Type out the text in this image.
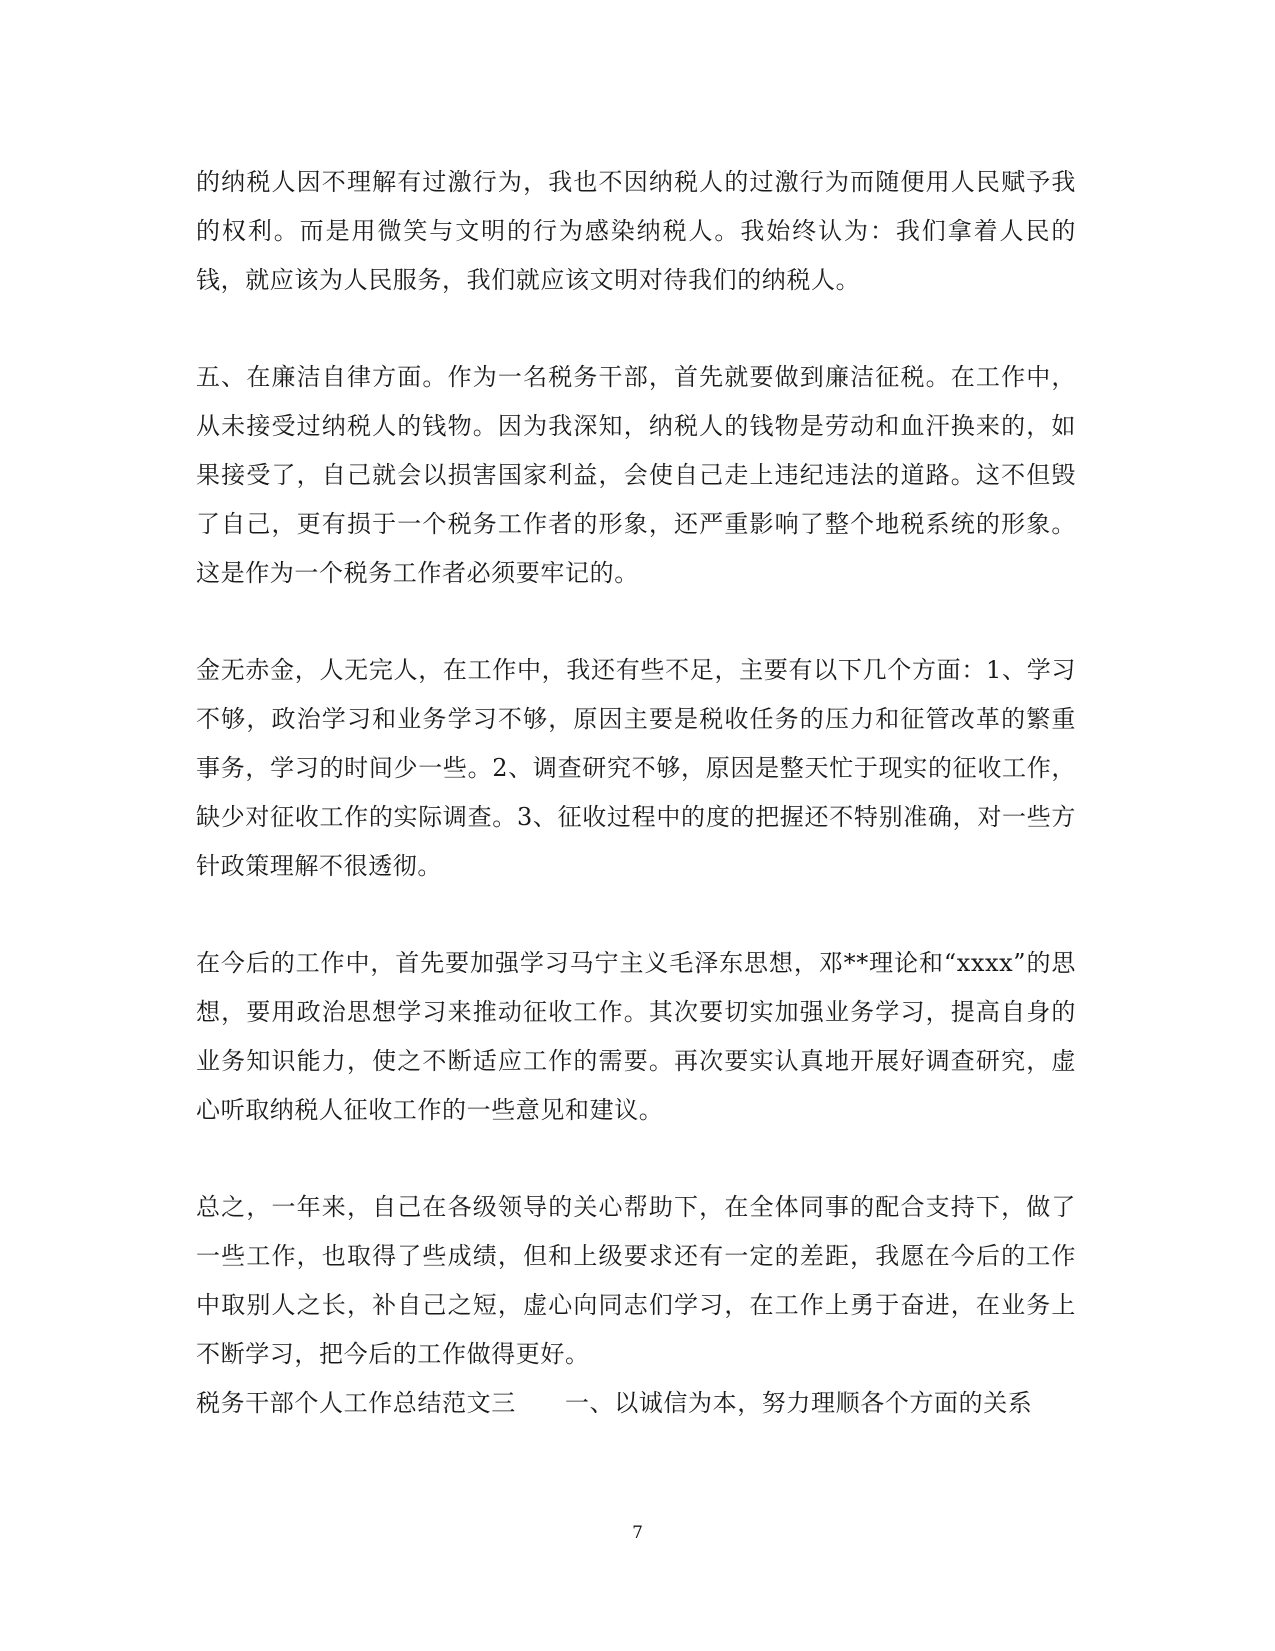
的纳税人因不理解有过激行为，我也不因纳税人的过激行为而随便用人民赋予我的权利。而是用微笑与文明的行为感染纳税人。我始终认为：我们拿着人民的钱，就应该为人民服务，我们就应该文明对待我们的纳税人。

五、在廉洁自律方面。作为一名税务干部，首先就要做到廉洁征税。在工作中，从未接受过纳税人的钱物。因为我深知，纳税人的钱物是劳动和血汗换来的，如果接受了，自己就会以损害国家利益，会使自己走上违纪违法的道路。这不但毁了自己，更有损于一个税务工作者的形象，还严重影响了整个地税系统的形象。这是作为一个税务工作者必须要牢记的。

金无赤金，人无完人，在工作中，我还有些不足，主要有以下几个方面：1、学习不够，政治学习和业务学习不够，原因主要是税收任务的压力和征管改革的繁重事务，学习的时间少一些。2、调查研究不够，原因是整天忙于现实的征收工作，缺少对征收工作的实际调查。3、征收过程中的度的把握还不特别准确，对一些方针政策理解不很透彻。

在今后的工作中，首先要加强学习马宁主义毛泽东思想，邓**理论和“xxxx”的思想，要用政治思想学习来推动征收工作。其次要切实加强业务学习，提高自身的业务知识能力，使之不断适应工作的需要。再次要实认真地开展好调查研究，虚心听取纳税人征收工作的一些意见和建议。

总之，一年来，自己在各级领导的关心帮助下，在全体同事的配合支持下，做了一些工作，也取得了些成绩，但和上级要求还有一定的差距，我愿在今后的工作中取别人之长，补自己之短，虚心向同志们学习，在工作上勇于奋进，在业务上不断学习，把今后的工作做得更好。

税务干部个人工作总结范文三　　一、以诚信为本，努力理顺各个方面的关系

7
